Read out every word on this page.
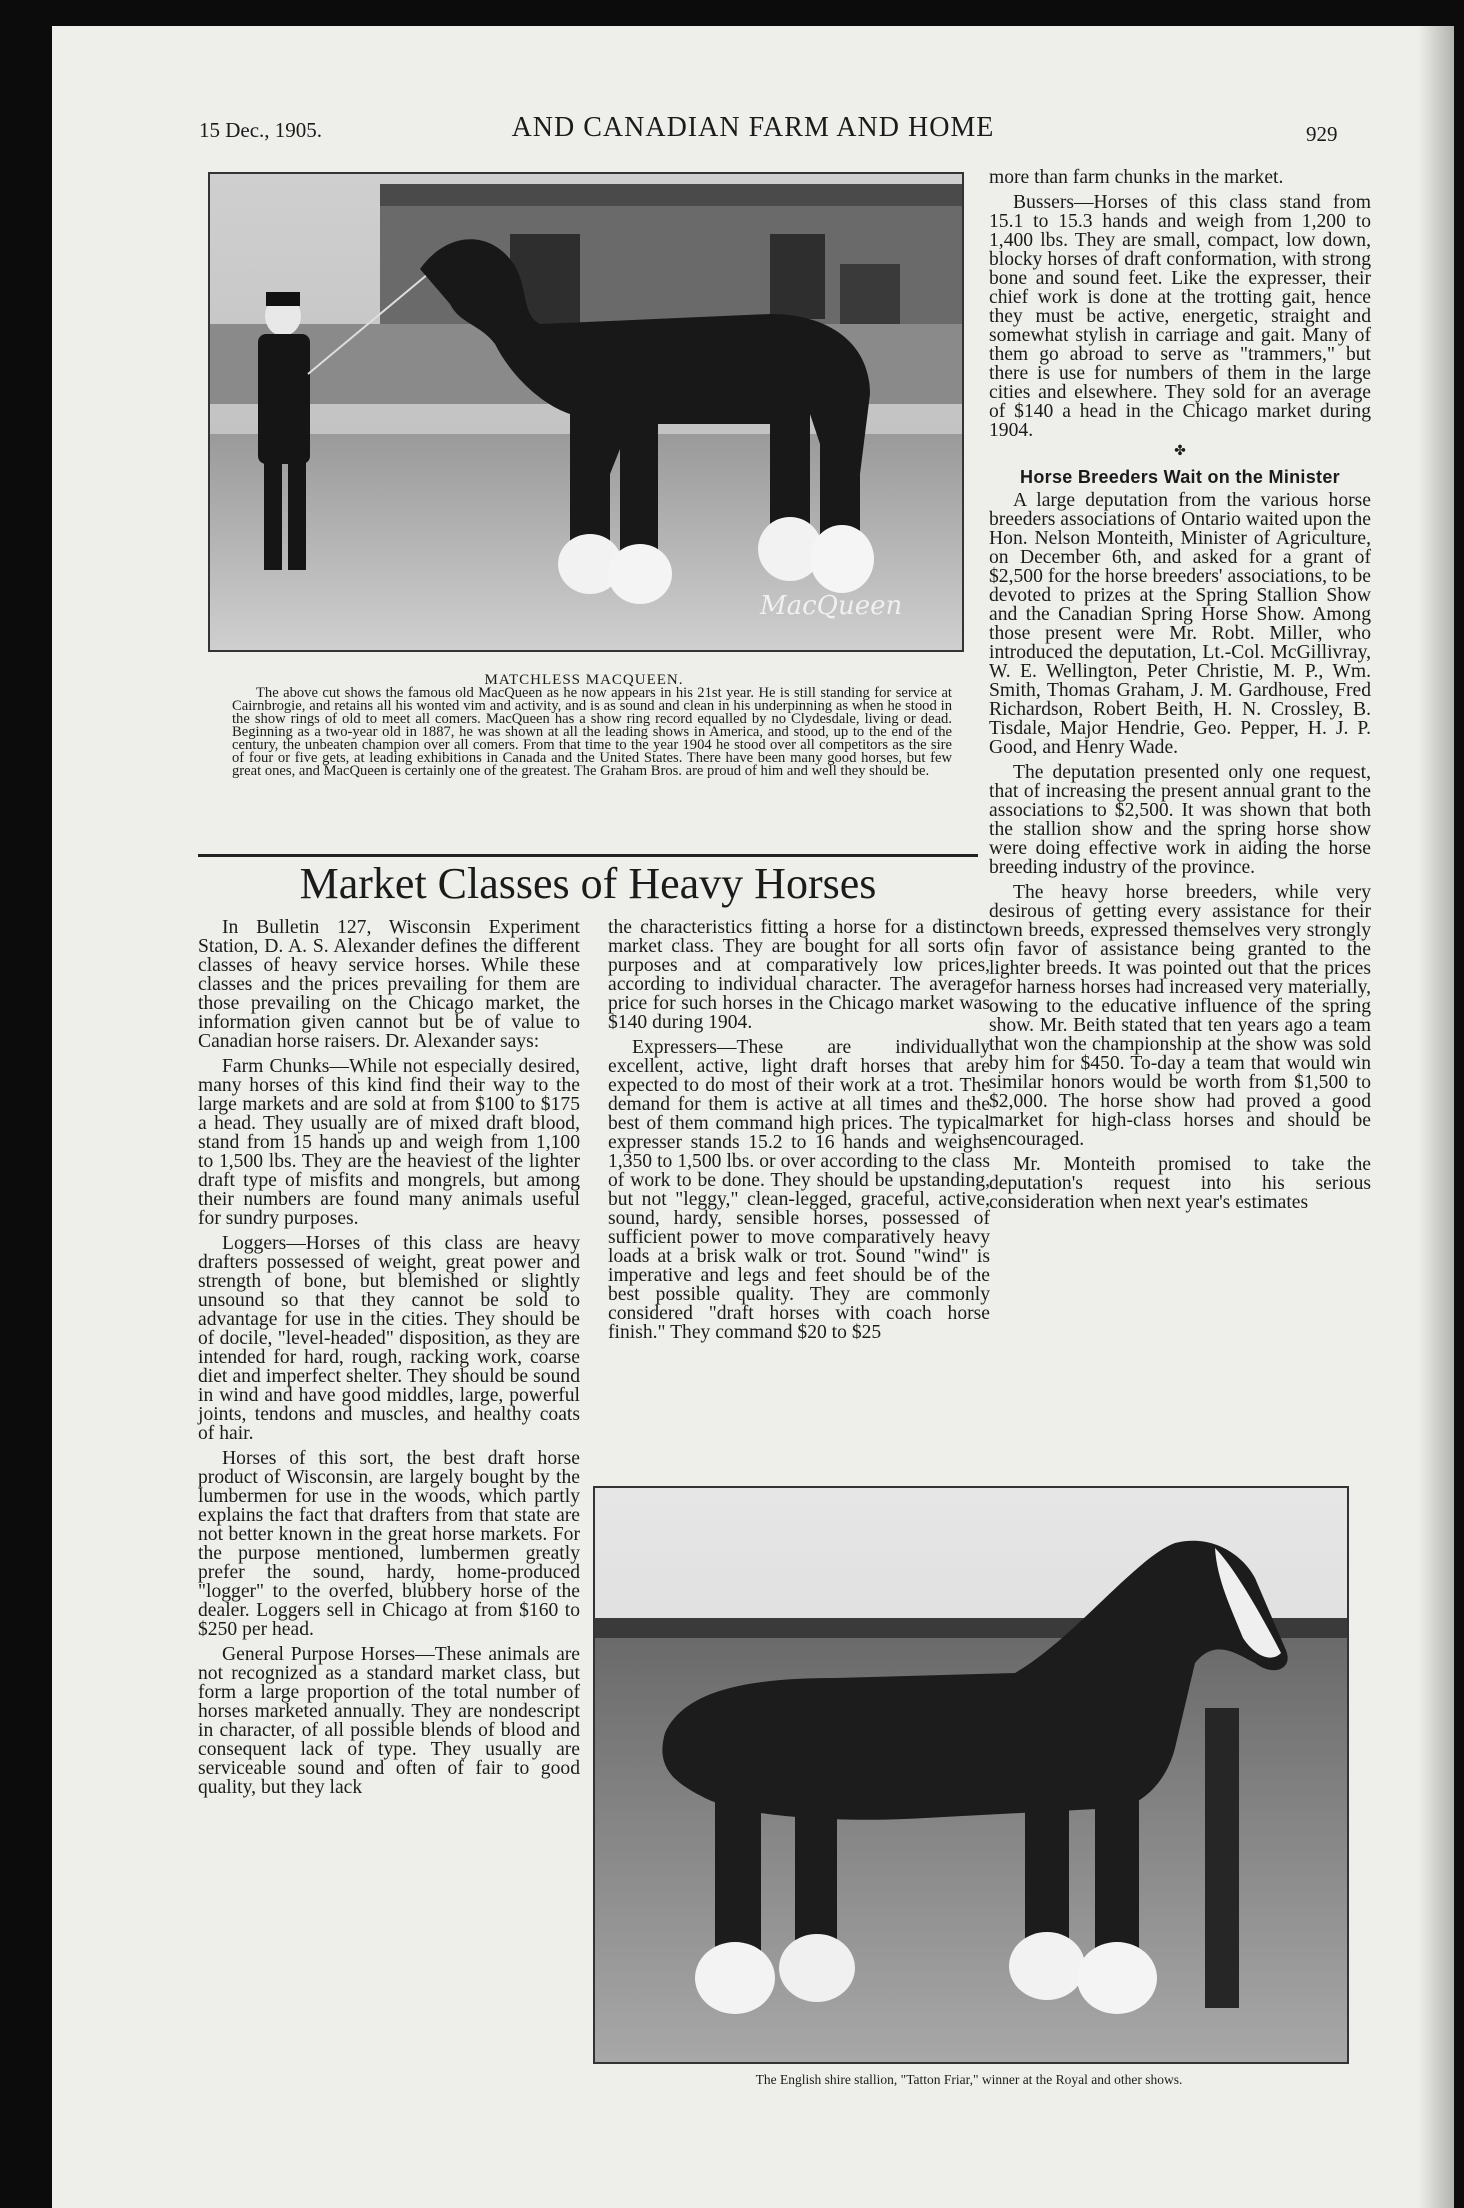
15 Dec., 1905.	AND CANADIAN FARM AND HOME	929
MacQueen
MATCHLESS MACQUEEN.

The above cut shows the famous old MacQueen as he now appears in his 21st year. He is still standing for service at Cairnbrogie, and retains all his wonted vim and activity, and is as sound and clean in his underpinning as when he stood in the show rings of old to meet all comers. MacQueen has a show ring record equalled by no Clydesdale, living or dead. Beginning as a two-year old in 1887, he was shown at all the leading shows in America, and stood, up to the end of the century, the unbeaten champion over all comers. From that time to the year 1904 he stood over all competitors as the sire of four or five gets, at leading exhibitions in Canada and the United States. There have been many good horses, but few great ones, and MacQueen is certainly one of the greatest. The Graham Bros. are proud of him and well they should be.

Market Classes of Heavy Horses

In Bulletin 127, Wisconsin Experiment Station, D. A. S. Alexander defines the different classes of heavy service horses. While these classes and the prices prevailing for them are those prevailing on the Chicago market, the information given cannot but be of value to Canadian horse raisers. Dr. Alexander says:

Farm Chunks—While not especially desired, many horses of this kind find their way to the large markets and are sold at from $100 to $175 a head. They usually are of mixed draft blood, stand from 15 hands up and weigh from 1,100 to 1,500 lbs. They are the heaviest of the lighter draft type of misfits and mongrels, but among their numbers are found many animals useful for sundry purposes.

Loggers—Horses of this class are heavy drafters possessed of weight, great power and strength of bone, but blemished or slightly unsound so that they cannot be sold to advantage for use in the cities. They should be of docile, "level-headed" disposition, as they are intended for hard, rough, racking work, coarse diet and imperfect shelter. They should be sound in wind and have good middles, large, powerful joints, tendons and muscles, and healthy coats of hair.

Horses of this sort, the best draft horse product of Wisconsin, are largely bought by the lumbermen for use in the woods, which partly explains the fact that drafters from that state are not better known in the great horse markets. For the purpose mentioned, lumbermen greatly prefer the sound, hardy, home-produced "logger" to the overfed, blubbery horse of the dealer. Loggers sell in Chicago at from $160 to $250 per head.

General Purpose Horses—These animals are not recognized as a standard market class, but form a large proportion of the total number of horses marketed annually. They are nondescript in character, of all possible blends of blood and consequent lack of type. They usually are serviceable sound and often of fair to good quality, but they lack

the characteristics fitting a horse for a distinct market class. They are bought for all sorts of purposes and at comparatively low prices, according to individual character. The average price for such horses in the Chicago market was $140 during 1904.

Expressers—These are individually excellent, active, light draft horses that are expected to do most of their work at a trot. The demand for them is active at all times and the best of them command high prices. The typical expresser stands 15.2 to 16 hands and weighs 1,350 to 1,500 lbs. or over according to the class of work to be done. They should be upstanding, but not "leggy," clean-legged, graceful, active, sound, hardy, sensible horses, possessed of sufficient power to move comparatively heavy loads at a brisk walk or trot. Sound "wind" is imperative and legs and feet should be of the best possible quality. They are commonly considered "draft horses with coach horse finish." They command $20 to $25

more than farm chunks in the market.

Bussers—Horses of this class stand from 15.1 to 15.3 hands and weigh from 1,200 to 1,400 lbs. They are small, compact, low down, blocky horses of draft conformation, with strong bone and sound feet. Like the expresser, their chief work is done at the trotting gait, hence they must be active, energetic, straight and somewhat stylish in carriage and gait. Many of them go abroad to serve as "trammers," but there is use for numbers of them in the large cities and elsewhere. They sold for an average of $140 a head in the Chicago market during 1904.

✤
Horse Breeders Wait on the Minister

A large deputation from the various horse breeders associations of Ontario waited upon the Hon. Nelson Monteith, Minister of Agriculture, on December 6th, and asked for a grant of $2,500 for the horse breeders' associations, to be devoted to prizes at the Spring Stallion Show and the Canadian Spring Horse Show. Among those present were Mr. Robt. Miller, who introduced the deputation, Lt.-Col. McGillivray, W. E. Wellington, Peter Christie, M. P., Wm. Smith, Thomas Graham, J. M. Gardhouse, Fred Richardson, Robert Beith, H. N. Crossley, B. Tisdale, Major Hendrie, Geo. Pepper, H. J. P. Good, and Henry Wade.

The deputation presented only one request, that of increasing the present annual grant to the associations to $2,500. It was shown that both the stallion show and the spring horse show were doing effective work in aiding the horse breeding industry of the province.

The heavy horse breeders, while very desirous of getting every assistance for their own breeds, expressed themselves very strongly in favor of assistance being granted to the lighter breeds. It was pointed out that the prices for harness horses had increased very materially, owing to the educative influence of the spring show. Mr. Beith stated that ten years ago a team that won the championship at the show was sold by him for $450. To-day a team that would win similar honors would be worth from $1,500 to $2,000. The horse show had proved a good market for high-class horses and should be encouraged.

Mr. Monteith promised to take the deputation's request into his serious consideration when next year's estimates

The English shire stallion, "Tatton Friar," winner at the Royal and other shows.
